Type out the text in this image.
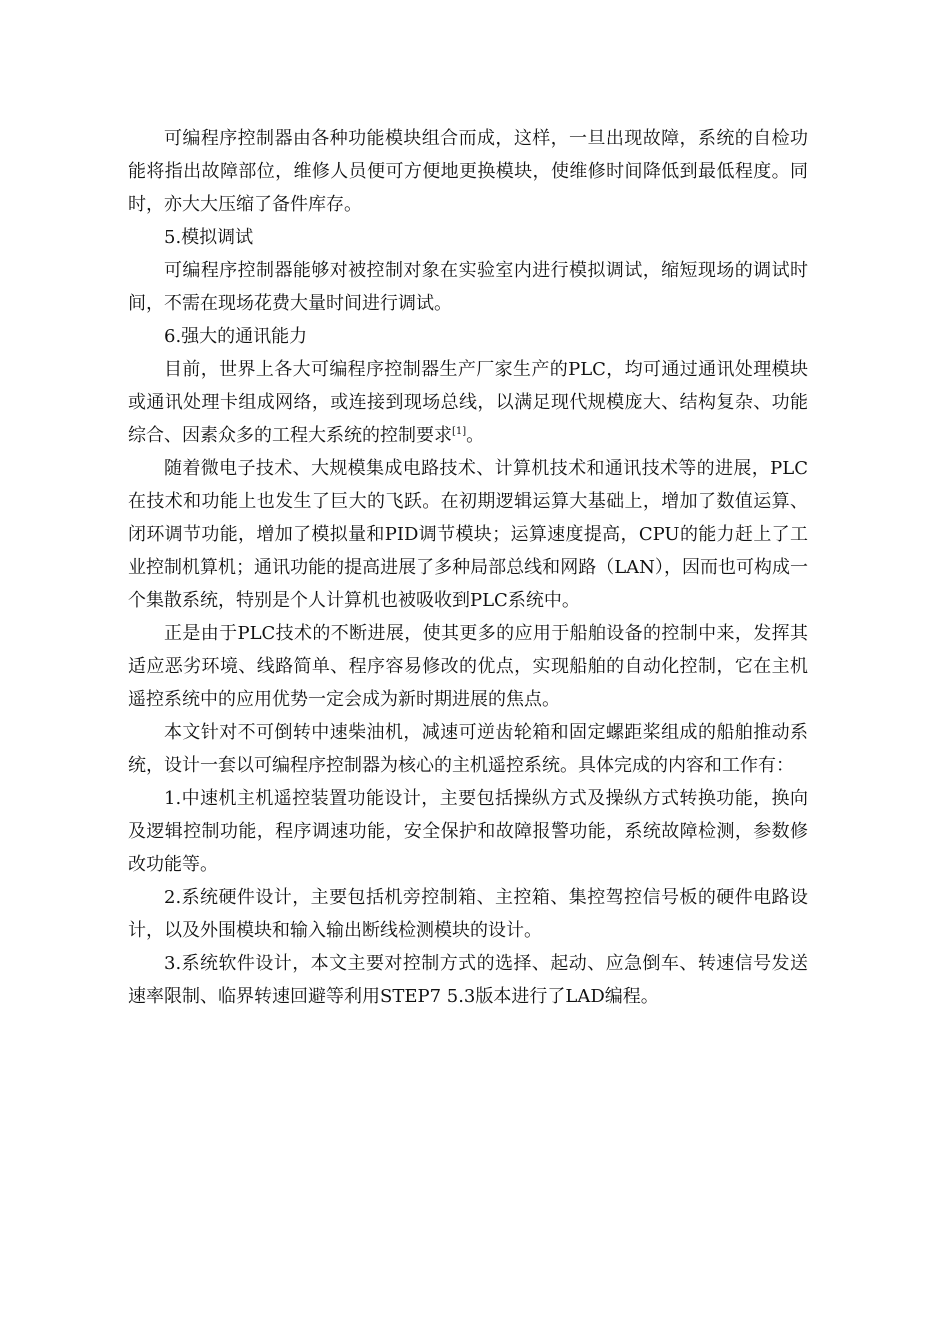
可编程序控制器由各种功能模块组合而成，这样，一旦出现故障，系统的自检功能将指出故障部位，维修人员便可方便地更换模块，使维修时间降低到最低程度。同时，亦大大压缩了备件库存。

5.模拟调试

可编程序控制器能够对被控制对象在实验室内进行模拟调试，缩短现场的调试时间，不需在现场花费大量时间进行调试。

6.强大的通讯能力

目前，世界上各大可编程序控制器生产厂家生产的PLC，均可通过通讯处理模块或通讯处理卡组成网络，或连接到现场总线，以满足现代规模庞大、结构复杂、功能综合、因素众多的工程大系统的控制要求[1]。

随着微电子技术、大规模集成电路技术、计算机技术和通讯技术等的进展，PLC在技术和功能上也发生了巨大的飞跃。在初期逻辑运算大基础上，增加了数值运算、闭环调节功能，增加了模拟量和PID调节模块；运算速度提高，CPU的能力赶上了工业控制机算机；通讯功能的提高进展了多种局部总线和网路（LAN），因而也可构成一个集散系统，特别是个人计算机也被吸收到PLC系统中。

正是由于PLC技术的不断进展，使其更多的应用于船舶设备的控制中来，发挥其适应恶劣环境、线路简单、程序容易修改的优点，实现船舶的自动化控制，它在主机遥控系统中的应用优势一定会成为新时期进展的焦点。

本文针对不可倒转中速柴油机，减速可逆齿轮箱和固定螺距桨组成的船舶推动系统，设计一套以可编程序控制器为核心的主机遥控系统。具体完成的内容和工作有：

1.中速机主机遥控装置功能设计，主要包括操纵方式及操纵方式转换功能，换向及逻辑控制功能，程序调速功能，安全保护和故障报警功能，系统故障检测，参数修改功能等。

2.系统硬件设计，主要包括机旁控制箱、主控箱、集控驾控信号板的硬件电路设计，以及外围模块和输入输出断线检测模块的设计。

3.系统软件设计，本文主要对控制方式的选择、起动、应急倒车、转速信号发送速率限制、临界转速回避等利用STEP7 5.3版本进行了LAD编程。
